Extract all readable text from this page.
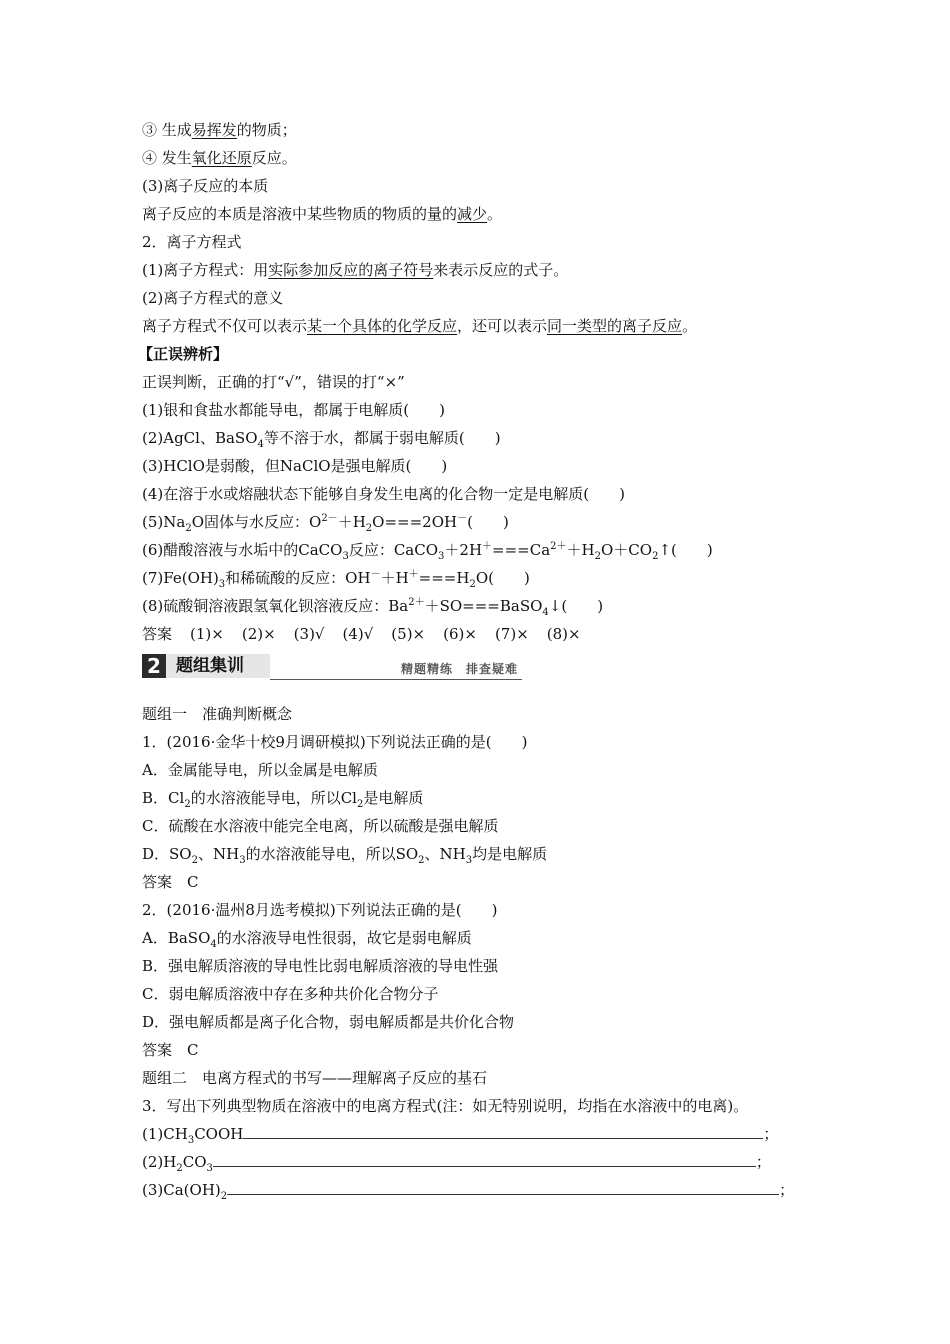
③ 生成易挥发的物质；
④ 发生氧化还原反应。
(3)离子反应的本质
离子反应的本质是溶液中某些物质的物质的量的减少。
2．离子方程式
(1)离子方程式：用实际参加反应的离子符号来表示反应的式子。
(2)离子方程式的意义
离子方程式不仅可以表示某一个具体的化学反应，还可以表示同一类型的离子反应。
【正误辨析】
正误判断，正确的打“√”，错误的打“×”
(1)银和食盐水都能导电，都属于电解质(　　)
(2)AgCl、BaSO$_4$等不溶于水，都属于弱电解质(　　)
(3)HClO是弱酸，但NaClO是强电解质(　　)
(4)在溶于水或熔融状态下能够自身发生电离的化合物一定是电解质(　　)
$(5)Na_2O$固体与水反应：$O^{2-}+H_2O===2OH^-$(　　)
(6)醋酸溶液与水垢中的CaCO$_3$反应：$CaCO_3+2H^+===Ca^{2+}+H_2O+CO_2↑$(　　)
$(7)Fe(OH)_3$和稀硫酸的反应：$OH^-+H^+===H_2O$(　　)
(8)硫酸铜溶液跟氢氧化钡溶液反应：$Ba^{2+}+SO===BaSO_4↓$(　　)
答案 (1)× (2)× (3)√ (4)√ (5)× (6)× (7)× (8)×
2 题组集训	精题精练　排查疑难
题组一　准确判断概念
1．(2016·金华十校9月调研模拟)下列说法正确的是(　　)
A．金属能导电，所以金属是电解质
B．$Cl_2$的水溶液能导电，所以$Cl_2$是电解质
C．硫酸在水溶液中能完全电离，所以硫酸是强电解质
D．$SO_2$、$NH_3$的水溶液能导电，所以$SO_2$、$NH_3$均是电解质
答案　C
2．(2016·温州8月选考模拟)下列说法正确的是(　　)
A．BaSO$_4$的水溶液导电性很弱，故它是弱电解质
B．强电解质溶液的导电性比弱电解质溶液的导电性强
C．弱电解质溶液中存在多种共价化合物分子
D．强电解质都是离子化合物，弱电解质都是共价化合物
答案　C
题组二　电离方程式的书写——理解离子反应的基石
3．写出下列典型物质在溶液中的电离方程式(注：如无特别说明，均指在水溶液中的电离)。
$(1)CH_3COOH$	；
$(2)H_2CO_3$	；
$(3)Ca(OH)_2$	；
